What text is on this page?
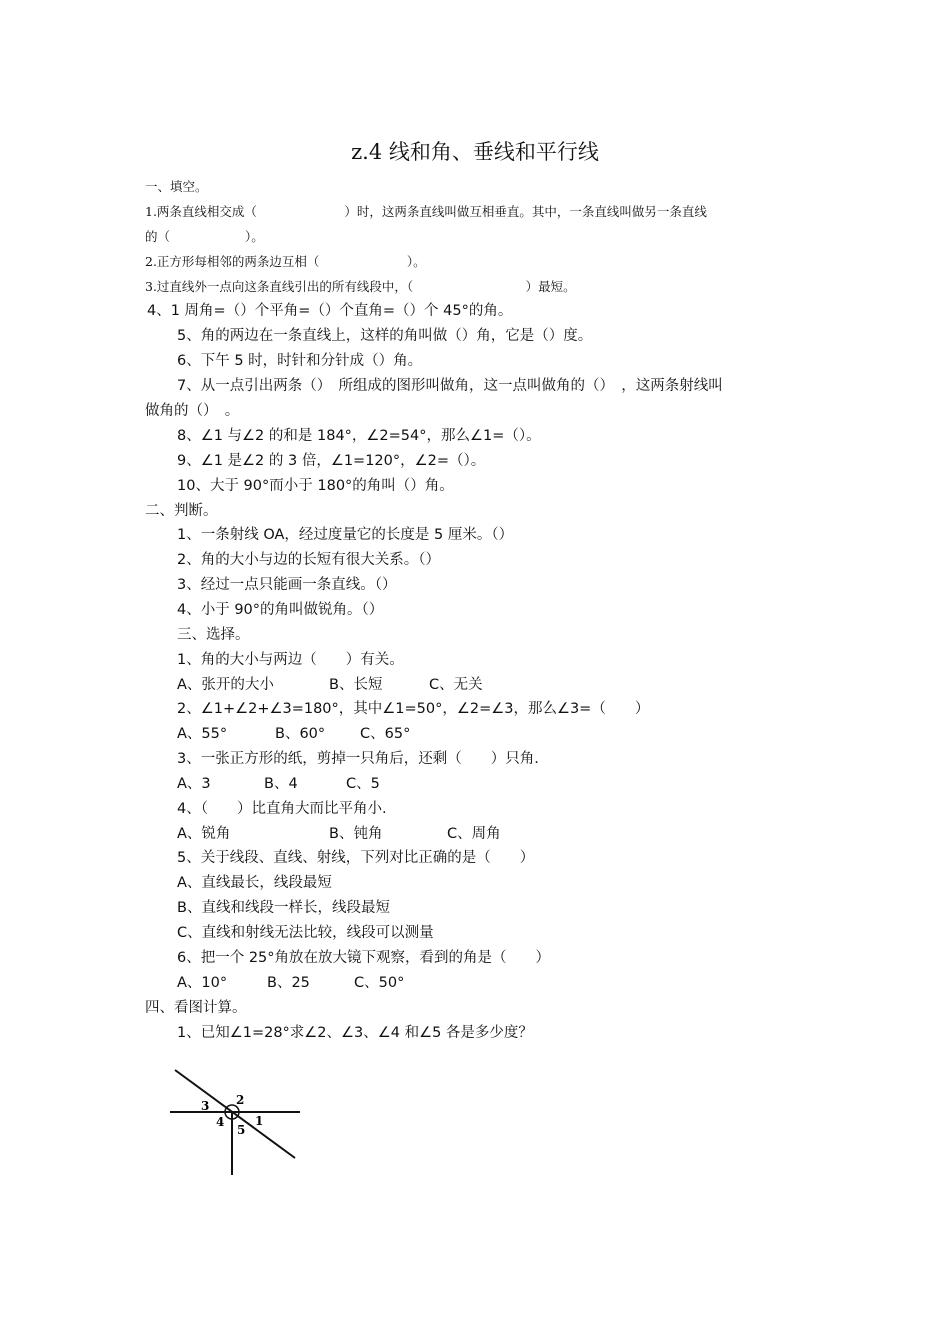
z.4 线和角、垂线和平行线
一、填空。
1.两条直线相交成（　　　　　　　）时，这两条直线叫做互相垂直。其中，一条直线叫做另一条直线
的（　　　　　　）。
2.正方形每相邻的两条边互相（　　　　　　　）。
3.过直线外一点向这条直线引出的所有线段中，（　　　　　　　　　）最短。
4、1 周角=（）个平角=（）个直角=（）个 45°的角。
5、角的两边在一条直线上，这样的角叫做（）角，它是（）度。
6、下午 5 时，时针和分针成（）角。
7、从一点引出两条（）　所组成的图形叫做角，这一点叫做角的（）　，这两条射线叫
做角的（）　。
8、∠1 与∠2 的和是 184°，∠2=54°，那么∠1=（）。
9、∠1 是∠2 的 3 倍，∠1=120°，∠2=（）。
10、大于 90°而小于 180°的角叫（）角。
二、判断。
1、一条射线 OA，经过度量它的长度是 5 厘米。（）
2、角的大小与边的长短有很大关系。（）
3、经过一点只能画一条直线。（）
4、小于 90°的角叫做锐角。（）
三、选择。
1、角的大小与两边（　　）有关。
A、张开的大小	B、长短	C、无关
2、∠1+∠2+∠3=180°，其中∠1=50°，∠2=∠3，那么∠3=（　　）
A、55°	B、60° C、65°
3、一张正方形的纸，剪掉一只角后，还剩（　　）只角.
A、3	B、4	C、5
4、（　　）比直角大而比平角小.
A、锐角	B、钝角	C、周角
5、关于线段、直线、射线，下列对比正确的是（　　）
A、直线最长，线段最短
B、直线和线段一样长，线段最短
C、直线和射线无法比较，线段可以测量
6、把一个 25°角放在放大镜下观察，看到的角是（　　）
A、10°	B、25	C、50°
四、看图计算。
1、已知∠1=28°求∠2、∠3、∠4 和∠5 各是多少度？
1
2
3
4
5
